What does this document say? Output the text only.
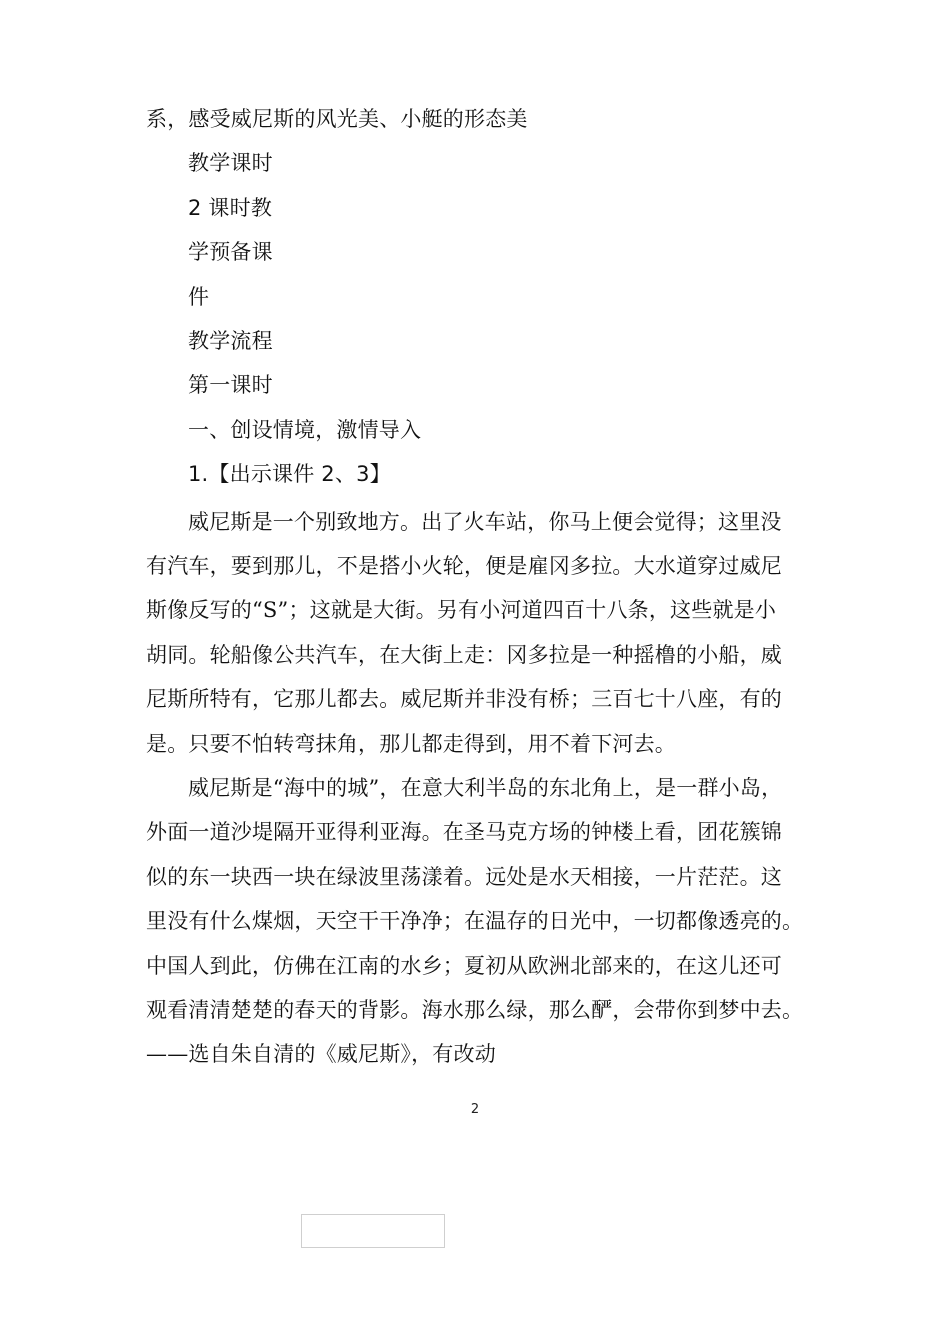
系，感受威尼斯的风光美、小艇的形态美
教学课时
2 课时教
学预备课
件
教学流程
第一课时
一、创设情境，激情导入
1.【出示课件 2、3】
威尼斯是一个别致地方。出了火车站，你马上便会觉得；这里没
有汽车，要到那儿，不是搭小火轮，便是雇冈多拉。大水道穿过威尼
斯像反写的“S”；这就是大街。另有小河道四百十八条，这些就是小
胡同。轮船像公共汽车，在大街上走：冈多拉是一种摇橹的小船，威
尼斯所特有，它那儿都去。威尼斯并非没有桥；三百七十八座，有的
是。只要不怕转弯抹角，那儿都走得到，用不着下河去。
威尼斯是“海中的城”，在意大利半岛的东北角上，是一群小岛，
外面一道沙堤隔开亚得利亚海。在圣马克方场的钟楼上看，团花簇锦
似的东一块西一块在绿波里荡漾着。远处是水天相接，一片茫茫。这
里没有什么煤烟，天空干干净净；在温存的日光中，一切都像透亮的。
中国人到此，仿佛在江南的水乡；夏初从欧洲北部来的，在这儿还可
观看清清楚楚的春天的背影。海水那么绿，那么酽，会带你到梦中去。
——选自朱自清的《威尼斯》，有改动
2
